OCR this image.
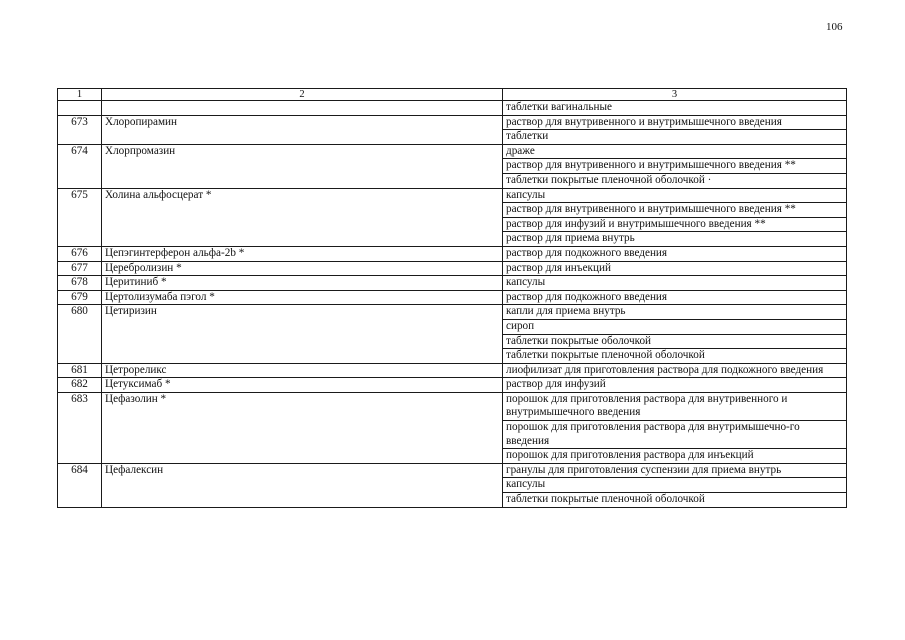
106
1	2	3
		таблетки вагинальные
673	Хлоропирамин	раствор для внутривенного и внутримышечного введения
		таблетки
674	Хлорпромазин	драже
		раствор для внутривенного и внутримышечного введения **
		таблетки покрытые пленочной оболочкой ·
675	Холина альфосцерат *	капсулы
		раствор для внутривенного и внутримышечного введения **
		раствор для инфузий и внутримышечного введения **
		раствор для приема внутрь
676	Цепэгинтерферон альфа-2b *	раствор для подкожного введения
677	Церебролизин *	раствор для инъекций
678	Церитиниб *	капсулы
679	Цертолизумаба пэгол *	раствор для подкожного введения
680	Цетиризин	капли для приема внутрь
		сироп
		таблетки покрытые оболочкой
		таблетки покрытые пленочной оболочкой
681	Цетрореликс	лиофилизат для приготовления раствора для подкожного введения
682	Цетуксимаб *	раствор для инфузий
683	Цефазолин *	порошок для приготовления раствора для внутривенного и внутримышечного введения
		порошок для приготовления раствора для внутримышечно-го введения
		порошок для приготовления раствора для инъекций
684	Цефалексин	гранулы для приготовления суспензии для приема внутрь
		капсулы
		таблетки покрытые пленочной оболочкой
